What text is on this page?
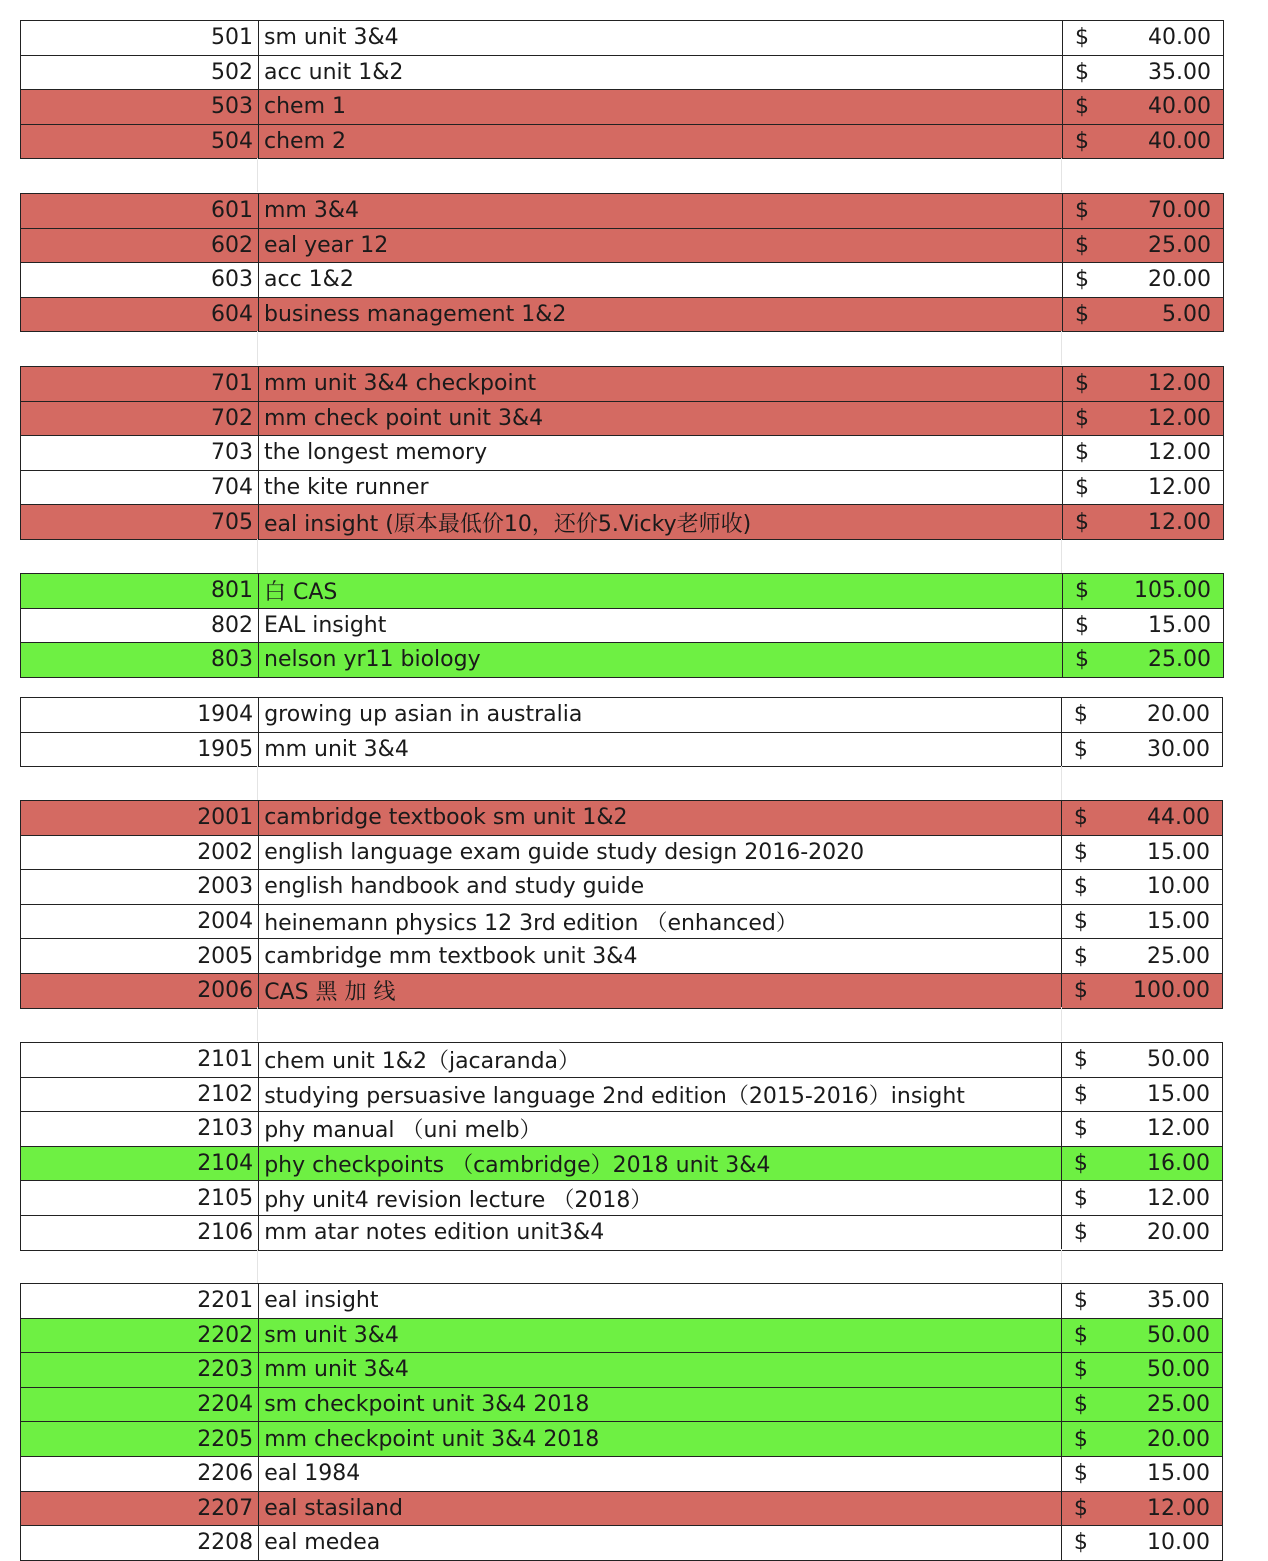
501	sm unit 3&4	$	40.00
502	acc unit 1&2	$	35.00
503	chem 1	$	40.00
504	chem 2	$	40.00
601	mm 3&4	$	70.00
602	eal year 12	$	25.00
603	acc 1&2	$	20.00
604	business management 1&2	$	5.00
701	mm unit 3&4 checkpoint	$	12.00
702	mm check point unit 3&4	$	12.00
703	the longest memory	$	12.00
704	the kite runner	$	12.00
705	eal insight (原本最低价10，还价5.Vicky老师收)	$	12.00
801	白 CAS	$	105.00
802	EAL insight	$	15.00
803	nelson yr11 biology	$	25.00
1904	growing up asian in australia	$	20.00
1905	mm unit 3&4	$	30.00
2001	cambridge textbook sm unit 1&2	$	44.00
2002	english language exam guide study design 2016-2020	$	15.00
2003	english handbook and study guide	$	10.00
2004	heinemann physics 12 3rd edition （enhanced）	$	15.00
2005	cambridge mm textbook unit 3&4	$	25.00
2006	CAS 黑 加 线	$	100.00
2101	chem unit 1&2（jacaranda）	$	50.00
2102	studying persuasive language 2nd edition（2015-2016）insight	$	15.00
2103	phy manual （uni melb）	$	12.00
2104	phy checkpoints （cambridge）2018 unit 3&4	$	16.00
2105	phy unit4 revision lecture （2018）	$	12.00
2106	mm atar notes edition unit3&4	$	20.00
2201	eal insight	$	35.00
2202	sm unit 3&4	$	50.00
2203	mm unit 3&4	$	50.00
2204	sm checkpoint unit 3&4 2018	$	25.00
2205	mm checkpoint unit 3&4 2018	$	20.00
2206	eal 1984	$	15.00
2207	eal stasiland	$	12.00
2208	eal medea	$	10.00
